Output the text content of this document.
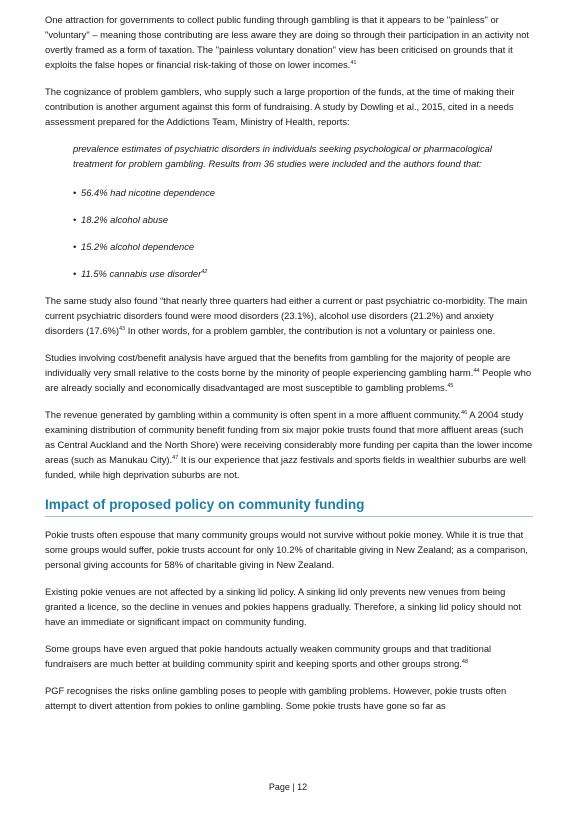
One attraction for governments to collect public funding through gambling is that it appears to be "painless" or "voluntary" – meaning those contributing are less aware they are doing so through their participation in an activity not overtly framed as a form of taxation. The "painless voluntary donation" view has been criticised on grounds that it exploits the false hopes or financial risk-taking of those on lower incomes.$^{41}$

The cognizance of problem gamblers, who supply such a large proportion of the funds, at the time of making their contribution is another argument against this form of fundraising. A study by Dowling et al., 2015, cited in a needs assessment prepared for the Addictions Team, Ministry of Health, reports:

prevalence estimates of psychiatric disorders in individuals seeking psychological or pharmacological treatment for problem gambling. Results from 36 studies were included and the authors found that:

• 56.4% had nicotine dependence
• 18.2% alcohol abuse
• 15.2% alcohol dependence
• 11.5% cannabis use disorder$^{42}$

The same study also found “that nearly three quarters had either a current or past psychiatric co-morbidity. The main current psychiatric disorders found were mood disorders (23.1%), alcohol use disorders (21.2%) and anxiety disorders $(17.6\%)^{43}$ In other words, for a problem gambler, the contribution is not a voluntary or painless one.

Studies involving cost/benefit analysis have argued that the benefits from gambling for the majority of people are individually very small relative to the costs borne by the minority of people experiencing gambling harm.$^{44}$ People who are already socially and economically disadvantaged are most susceptible to gambling problems.$^{45}$

The revenue generated by gambling within a community is often spent in a more affluent community.$^{46}$ A 2004 study examining distribution of community benefit funding from six major pokie trusts found that more affluent areas (such as Central Auckland and the North Shore) were receiving considerably more funding per capita than the lower income areas (such as Manukau City).$^{47}$ It is our experience that jazz festivals and sports fields in wealthier suburbs are well funded, while high deprivation suburbs are not.

Impact of proposed policy on community funding

Pokie trusts often espouse that many community groups would not survive without pokie money. While it is true that some groups would suffer, pokie trusts account for only 10.2% of charitable giving in New Zealand; as a comparison, personal giving accounts for 58% of charitable giving in New Zealand.

Existing pokie venues are not affected by a sinking lid policy. A sinking lid only prevents new venues from being granted a licence, so the decline in venues and pokies happens gradually. Therefore, a sinking lid policy should not have an immediate or significant impact on community funding.

Some groups have even argued that pokie handouts actually weaken community groups and that traditional fundraisers are much better at building community spirit and keeping sports and other groups strong.$^{48}$

PGF recognises the risks online gambling poses to people with gambling problems. However, pokie trusts often attempt to divert attention from pokies to online gambling. Some pokie trusts have gone so far as

Page | 12
